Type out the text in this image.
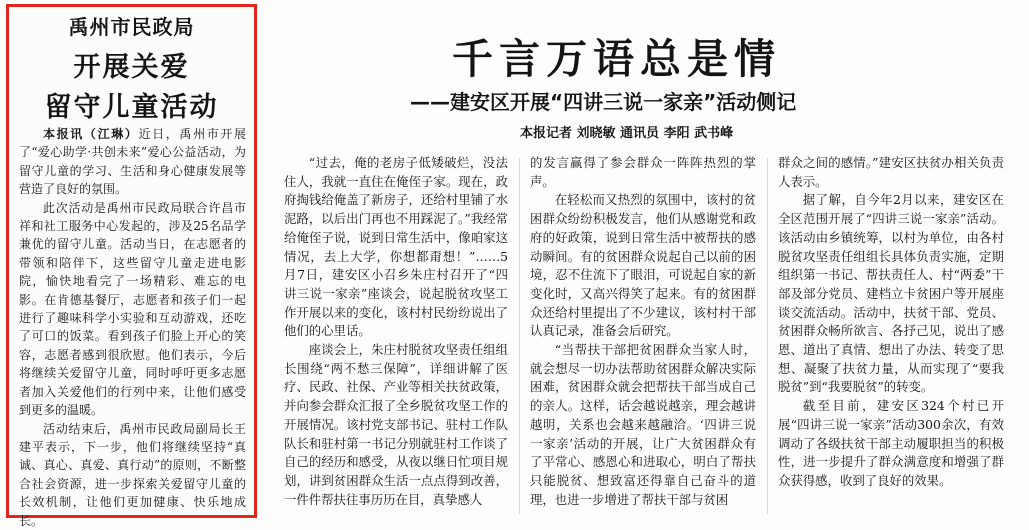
禹州市民政局
开展关爱
留守儿童活动

本报讯（江琳）近日，禹州市开展了“爱心助学·共创未来”爱心公益活动，为留守儿童的学习、生活和身心健康发展等营造了良好的氛围。

此次活动是禹州市民政局联合许昌市祥和社工服务中心发起的，涉及25名品学兼优的留守儿童。活动当日，在志愿者的带领和陪伴下，这些留守儿童走进电影院，愉快地看完了一场精彩、难忘的电影。在肯德基餐厅，志愿者和孩子们一起进行了趣味科学小实验和互动游戏，还吃了可口的饭菜。看到孩子们脸上开心的笑容，志愿者感到很欣慰。他们表示，今后将继续关爱留守儿童，同时呼吁更多志愿者加入关爱他们的行列中来，让他们感受到更多的温暖。

活动结束后，禹州市民政局副局长王建平表示，下一步，他们将继续坚持“真诚、真心、真爱、真行动”的原则，不断整合社会资源，进一步探索关爱留守儿童的长效机制，让他们更加健康、快乐地成长。

千言万语总是情
——建安区开展“四讲三说一家亲”活动侧记
本报记者 刘晓敏 通讯员 李阳 武书峰

“过去，俺的老房子低矮破烂，没法住人，我就一直住在俺侄子家。现在，政府掏钱给俺盖了新房子，还给村里铺了水泥路，以后出门再也不用踩泥了。”我经常给俺侄子说，说到日常生活中，像咱家这情况，去上大学，你想都甭想！”……5月7日，建安区小召乡朱庄村召开了“四讲三说一家亲”座谈会，说起脱贫攻坚工作开展以来的变化，该村村民纷纷说出了他们的心里话。

座谈会上，朱庄村脱贫攻坚责任组组长围绕“两不愁三保障”，详细讲解了医疗、民政、社保、产业等相关扶贫政策，并向参会群众汇报了全乡脱贫攻坚工作的开展情况。该村党支部书记、驻村工作队队长和驻村第一书记分别就驻村工作谈了自己的经历和感受，从夜以继日忙项目规划，讲到贫困群众生活一点点得到改善，一件件帮扶往事历历在目，真挚感人

的发言赢得了参会群众一阵阵热烈的掌声。

在轻松而又热烈的氛围中，该村的贫困群众纷纷积极发言，他们从感谢党和政府的好政策，说到日常生活中被帮扶的感动瞬间。有的贫困群众说起自己以前的困境，忍不住流下了眼泪，可说起自家的新变化时，又高兴得笑了起来。有的贫困群众还给村里提出了不少建议，该村村干部认真记录，准备会后研究。

“当帮扶干部把贫困群众当家人时，就会想尽一切办法帮助贫困群众解决实际困难，贫困群众就会把帮扶干部当成自己的亲人。这样，话会越说越亲，理会越讲越明，关系也会越来越融洽。‘四讲三说一家亲’活动的开展，让广大贫困群众有了平常心、感恩心和进取心，明白了帮扶只能脱贫、想致富还得靠自己奋斗的道理，也进一步增进了帮扶干部与贫困

群众之间的感情。”建安区扶贫办相关负责人表示。

据了解，自今年2月以来，建安区在全区范围开展了“四讲三说一家亲”活动。该活动由乡镇统筹，以村为单位，由各村脱贫攻坚责任组组长具体负责实施，定期组织第一书记、帮扶责任人、村“两委”干部及部分党员、建档立卡贫困户等开展座谈交流活动。活动中，扶贫干部、党员、贫困群众畅所欲言、各抒己见，说出了感恩、道出了真情、想出了办法、转变了思想、凝聚了扶贫力量，从而实现了“要我脱贫”到“我要脱贫”的转变。

截至目前，建安区324个村已开展“四讲三说一家亲”活动300余次，有效调动了各级扶贫干部主动履职担当的积极性，进一步提升了群众满意度和增强了群众获得感，收到了良好的效果。
